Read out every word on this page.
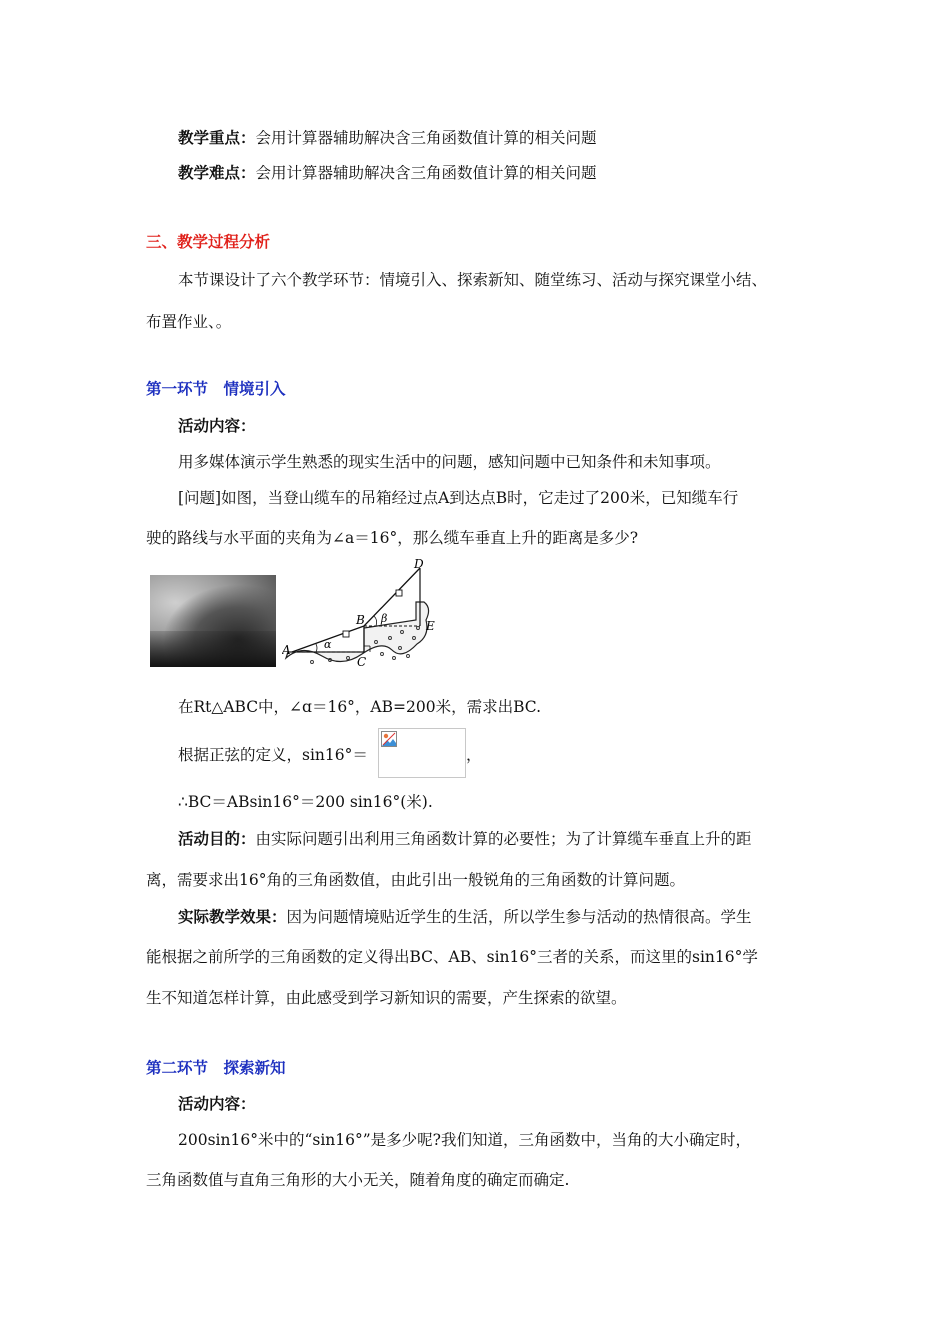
教学重点：会用计算器辅助解决含三角函数值计算的相关问题
教学难点：会用计算器辅助解决含三角函数值计算的相关问题
三、教学过程分析
本节课设计了六个教学环节：情境引入、探索新知、随堂练习、活动与探究课堂小结、
布置作业、。
第一环节　情境引入
活动内容：
用多媒体演示学生熟悉的现实生活中的问题，感知问题中已知条件和未知事项。
[问题]如图，当登山缆车的吊箱经过点A到达点B时，它走过了200米，已知缆车行
驶的路线与水平面的夹角为∠a＝16°，那么缆车垂直上升的距离是多少?
A
B
C
D
E
α
β
在Rt△ABC中，∠ɑ＝16°，AB=200米，需求出BC.
根据正弦的定义，sin16°＝	，
∴BC＝ABsin16°＝200 sin16°(米).
活动目的：由实际问题引出利用三角函数计算的必要性；为了计算缆车垂直上升的距
离，需要求出16°角的三角函数值，由此引出一般锐角的三角函数的计算问题。
实际教学效果：因为问题情境贴近学生的生活，所以学生参与活动的热情很高。学生
能根据之前所学的三角函数的定义得出BC、AB、sin16°三者的关系，而这里的sin16°学
生不知道怎样计算，由此感受到学习新知识的需要，产生探索的欲望。
第二环节　探索新知
活动内容：
200sin16°米中的“sin16°”是多少呢?我们知道，三角函数中，当角的大小确定时，
三角函数值与直角三角形的大小无关，随着角度的确定而确定.
